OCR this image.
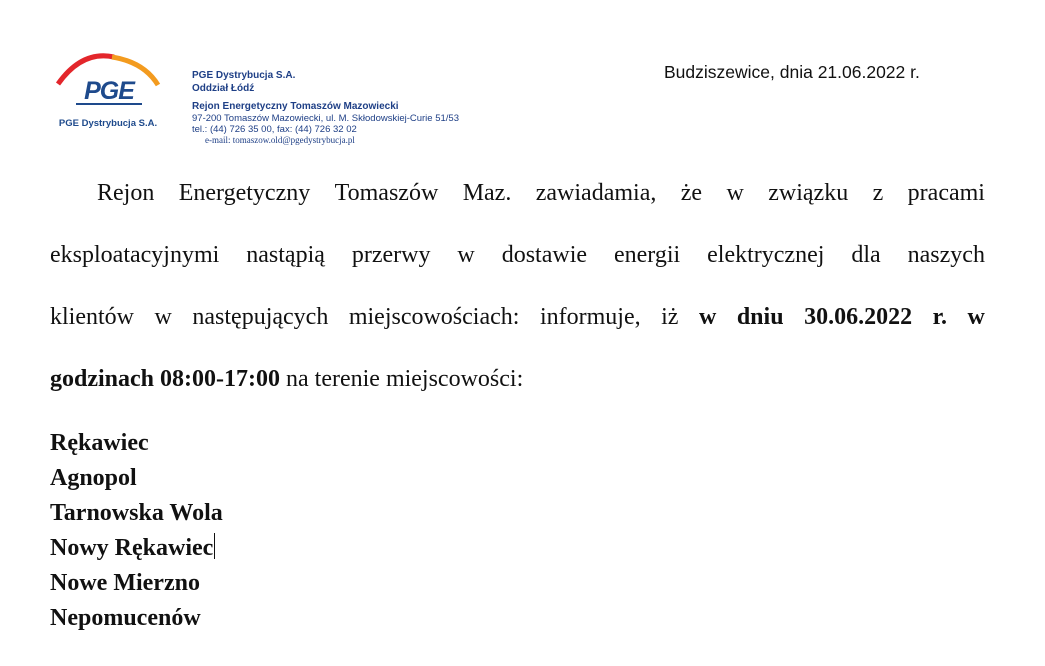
PGE
PGE Dystrybucja S.A.
PGE Dystrybucja S.A.
Oddział Łódź
Rejon Energetyczny Tomaszów Mazowiecki
97-200 Tomaszów Mazowiecki, ul. M. Skłodowskiej-Curie 51/53
tel.: (44) 726 35 00, fax: (44) 726 32 02
e-mail: tomaszow.old@pgedystrybucja.pl
Budziszewice, dnia 21.06.2022 r.
Rejon Energetyczny Tomaszów Maz. zawiadamia, że w związku z pracami
eksploatacyjnymi nastąpią przerwy w dostawie energii elektrycznej dla naszych
klientów w następujących miejscowościach: informuje, iż w dniu 30.06.2022 r. w
godzinach 08:00-17:00 na terenie miejscowości:
Rękawiec
Agnopol
Tarnowska Wola
Nowy Rękawiec
Nowe Mierzno
Nepomucenów
